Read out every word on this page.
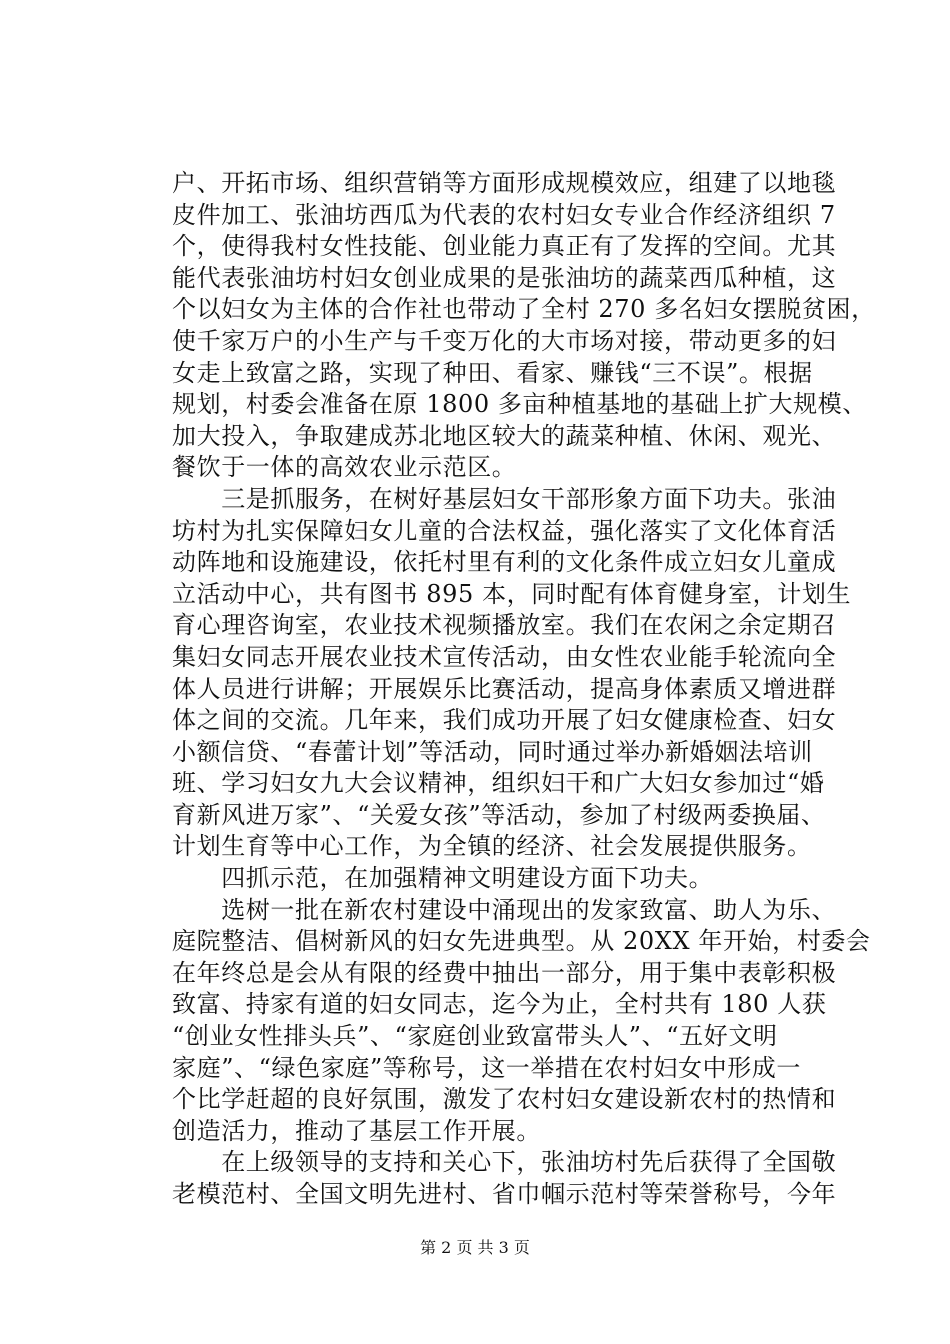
户、开拓市场、组织营销等方面形成规模效应，组建了以地毯
皮件加工、张油坊西瓜为代表的农村妇女专业合作经济组织 7
个，使得我村女性技能、创业能力真正有了发挥的空间。尤其
能代表张油坊村妇女创业成果的是张油坊的蔬菜西瓜种植，这
个以妇女为主体的合作社也带动了全村 270 多名妇女摆脱贫困，
使千家万户的小生产与千变万化的大市场对接，带动更多的妇
女走上致富之路，实现了种田、看家、赚钱“三不误”。根据
规划，村委会准备在原 1800 多亩种植基地的基础上扩大规模、
加大投入，争取建成苏北地区较大的蔬菜种植、休闲、观光、
餐饮于一体的高效农业示范区。
　　三是抓服务，在树好基层妇女干部形象方面下功夫。张油
坊村为扎实保障妇女儿童的合法权益，强化落实了文化体育活
动阵地和设施建设，依托村里有利的文化条件成立妇女儿童成
立活动中心，共有图书 895 本，同时配有体育健身室，计划生
育心理咨询室，农业技术视频播放室。我们在农闲之余定期召
集妇女同志开展农业技术宣传活动，由女性农业能手轮流向全
体人员进行讲解；开展娱乐比赛活动，提高身体素质又增进群
体之间的交流。几年来，我们成功开展了妇女健康检查、妇女
小额信贷、“春蕾计划”等活动，同时通过举办新婚姻法培训
班、学习妇女九大会议精神，组织妇干和广大妇女参加过“婚
育新风进万家”、“关爱女孩”等活动，参加了村级两委换届、
计划生育等中心工作，为全镇的经济、社会发展提供服务。
　　四抓示范，在加强精神文明建设方面下功夫。
　　选树一批在新农村建设中涌现出的发家致富、助人为乐、
庭院整洁、倡树新风的妇女先进典型。从 20XX 年开始，村委会
在年终总是会从有限的经费中抽出一部分，用于集中表彰积极
致富、持家有道的妇女同志，迄今为止，全村共有 180 人获
“创业女性排头兵”、“家庭创业致富带头人”、“五好文明
家庭”、“绿色家庭”等称号，这一举措在农村妇女中形成一
个比学赶超的良好氛围，激发了农村妇女建设新农村的热情和
创造活力，推动了基层工作开展。
　　在上级领导的支持和关心下，张油坊村先后获得了全国敬
老模范村、全国文明先进村、省巾帼示范村等荣誉称号，今年
第 2 页 共 3 页
